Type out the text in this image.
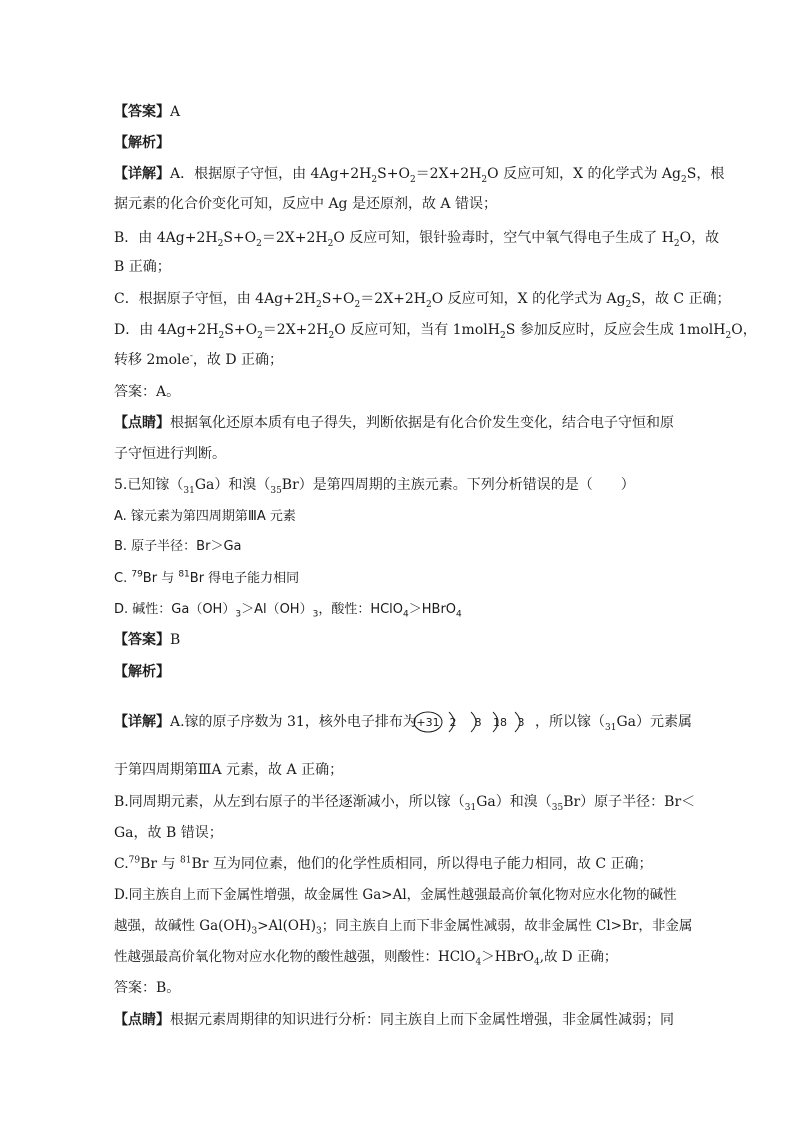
【答案】A
【解析】
【详解】A．根据原子守恒，由 $4Ag+2H_2S+O_2=2X+2H_2O$ 反应可知，X 的化学式为 $Ag_2S$，根
据元素的化合价变化可知，反应中 Ag 是还原剂，故 A 错误；
B．由 $4Ag+2H_2S+O_2=2X+2H_2O$ 反应可知，银针验毒时，空气中氧气得电子生成了 $H_2O$，故
B 正确；
C．根据原子守恒，由 $4Ag+2H_2S+O_2=2X+2H_2O$ 反应可知，X 的化学式为 $Ag_2S$，故 C 正确；
D．由 $4Ag+2H_2S+O_2=2X+2H_2O$ 反应可知，当有 1molH$_2$S 参加反应时，反应会生成 1molH$_2$O，
转移 2mole-，故 D 正确；
答案：A。
【点睛】根据氧化还原本质有电子得失，判断依据是有化合价发生变化，结合电子守恒和原
子守恒进行判断。
5.已知镓$(_{31}Ga)$和溴$(_{35}Br)$是第四周期的主族元素。下列分析错误的是（　　）
A. 镓元素为第四周期第ⅢA 元素
B. 原子半径：Br＞Ga
C. $^{79}$Br 与 $^{81}$Br 得电子能力相同
D. 碱性：$Ga(OH)_3>Al(OH)_3$，酸性：HClO$_4$＞HBrO$_4$
【答案】B
【解析】
【详解】A.镓的原子序数为 31，核外电子排布为 +31 2 8 18 3 ，所以镓$(_{31}Ga)$元素属
于第四周期第ⅢA 元素，故 A 正确；
B.同周期元素，从左到右原子的半径逐渐减小，所以镓$(_{31}Ga)$和溴$(_{35}Br)$原子半径：Br＜
Ga，故 B 错误；
C.$^{79}$Br 与 $^{81}$Br 互为同位素，他们的化学性质相同，所以得电子能力相同，故 C 正确；
D.同主族自上而下金属性增强，故金属性 Ga>Al，金属性越强最高价氧化物对应水化物的碱性
越强，故碱性 $Ga(OH)_3>Al(OH)_3$；同主族自上而下非金属性减弱，故非金属性 Cl>Br，非金属
性越强最高价氧化物对应水化物的酸性越强，则酸性：HClO$_4$＞HBrO$_4$,故 D 正确；
答案：B。
【点睛】根据元素周期律的知识进行分析：同主族自上而下金属性增强，非金属性减弱；同
